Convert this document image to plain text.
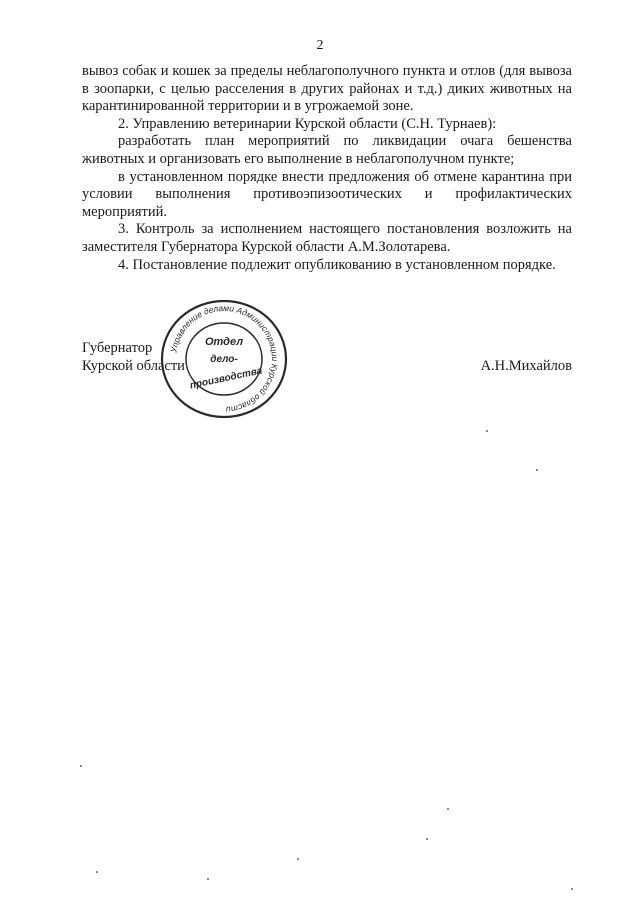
2

вывоз собак и кошек за пределы неблагополучного пункта и отлов (для вывоза в зоопарки, с целью расселения в других районах и т.д.) диких животных на карантинированной территории и в угрожаемой зоне.

2. Управлению ветеринарии Курской области (С.Н. Турнаев):

разработать план мероприятий по ликвидации очага бешенства животных и организовать его выполнение в неблагополучном пункте;

в установленном порядке внести предложения об отмене карантина при условии выполнения противоэпизоотических и профилактических мероприятий.

3. Контроль за исполнением настоящего постановления возложить на заместителя Губернатора Курской области А.М.Золотарева.

4. Постановление подлежит опубликованию в установленном порядке.

Губернатор
Курской области	А.Н.Михайлов
Управление делами Администрации Курской области
Отдел
дело-
производства
